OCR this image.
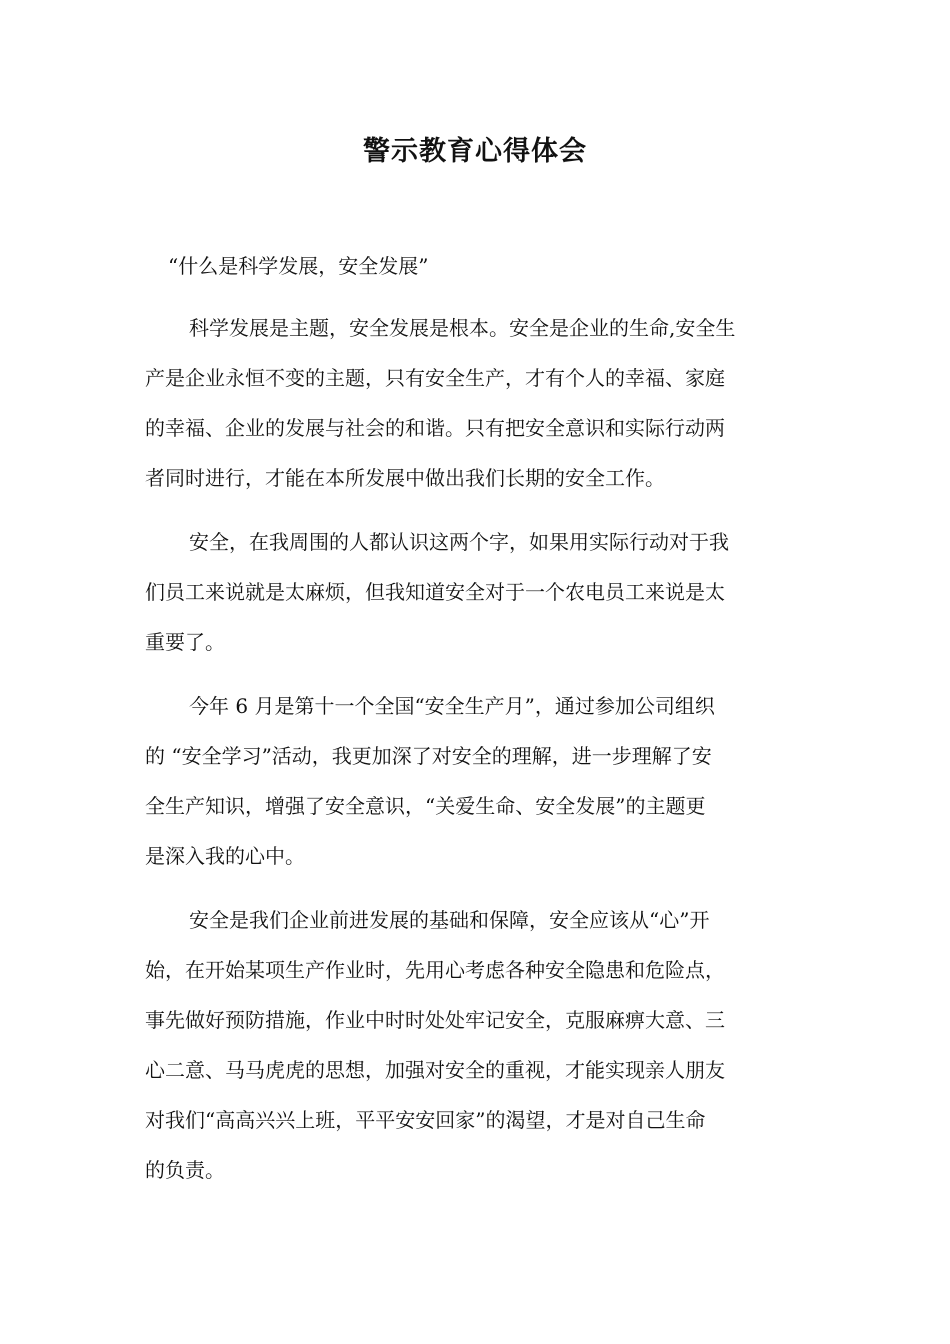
警示教育心得体会
“什么是科学发展，安全发展”
科学发展是主题，安全发展是根本。安全是企业的生命,安全生
产是企业永恒不变的主题，只有安全生产，才有个人的幸福、家庭
的幸福、企业的发展与社会的和谐。只有把安全意识和实际行动两
者同时进行，才能在本所发展中做出我们长期的安全工作。
安全，在我周围的人都认识这两个字，如果用实际行动对于我
们员工来说就是太麻烦，但我知道安全对于一个农电员工来说是太
重要了。
今年 6 月是第十一个全国“安全生产月”，通过参加公司组织
的 “安全学习”活动，我更加深了对安全的理解，进一步理解了安
全生产知识，增强了安全意识，“关爱生命、安全发展”的主题更
是深入我的心中。
安全是我们企业前进发展的基础和保障，安全应该从“心”开
始，在开始某项生产作业时，先用心考虑各种安全隐患和危险点，
事先做好预防措施，作业中时时处处牢记安全，克服麻痹大意、三
心二意、马马虎虎的思想，加强对安全的重视，才能实现亲人朋友
对我们“高高兴兴上班，平平安安回家”的渴望，才是对自己生命
的负责。
